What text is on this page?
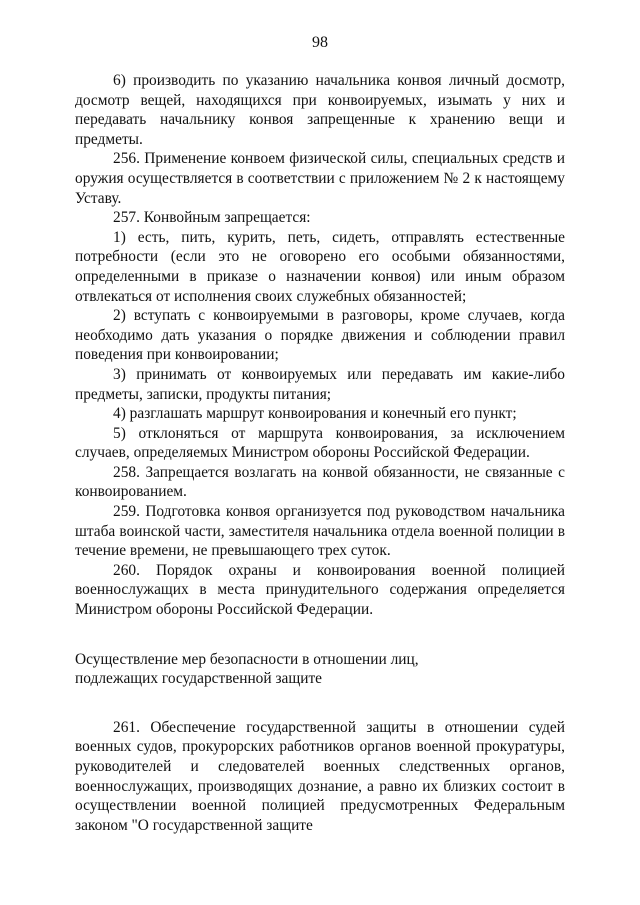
98

6) производить по указанию начальника конвоя личный досмотр, досмотр вещей, находящихся при конвоируемых, изымать у них и передавать начальнику конвоя запрещенные к хранению вещи и предметы.

256. Применение конвоем физической силы, специальных средств и оружия осуществляется в соответствии с приложением № 2 к настоящему Уставу.

257. Конвойным запрещается:

1) есть, пить, курить, петь, сидеть, отправлять естественные потребности (если это не оговорено его особыми обязанностями, определенными в приказе о назначении конвоя) или иным образом отвлекаться от исполнения своих служебных обязанностей;

2) вступать с конвоируемыми в разговоры, кроме случаев, когда необходимо дать указания о порядке движения и соблюдении правил поведения при конвоировании;

3) принимать от конвоируемых или передавать им какие-либо предметы, записки, продукты питания;

4) разглашать маршрут конвоирования и конечный его пункт;

5) отклоняться от маршрута конвоирования, за исключением случаев, определяемых Министром обороны Российской Федерации.

258. Запрещается возлагать на конвой обязанности, не связанные с конвоированием.

259. Подготовка конвоя организуется под руководством начальника штаба воинской части, заместителя начальника отдела военной полиции в течение времени, не превышающего трех суток.

260. Порядок охраны и конвоирования военной полицией военнослужащих в места принудительного содержания определяется Министром обороны Российской Федерации.

Осуществление мер безопасности в отношении лиц,
подлежащих государственной защите

261. Обеспечение государственной защиты в отношении судей военных судов, прокурорских работников органов военной прокуратуры, руководителей и следователей военных следственных органов, военнослужащих, производящих дознание, а равно их близких состоит в осуществлении военной полицией предусмотренных Федеральным законом "О государственной защите
